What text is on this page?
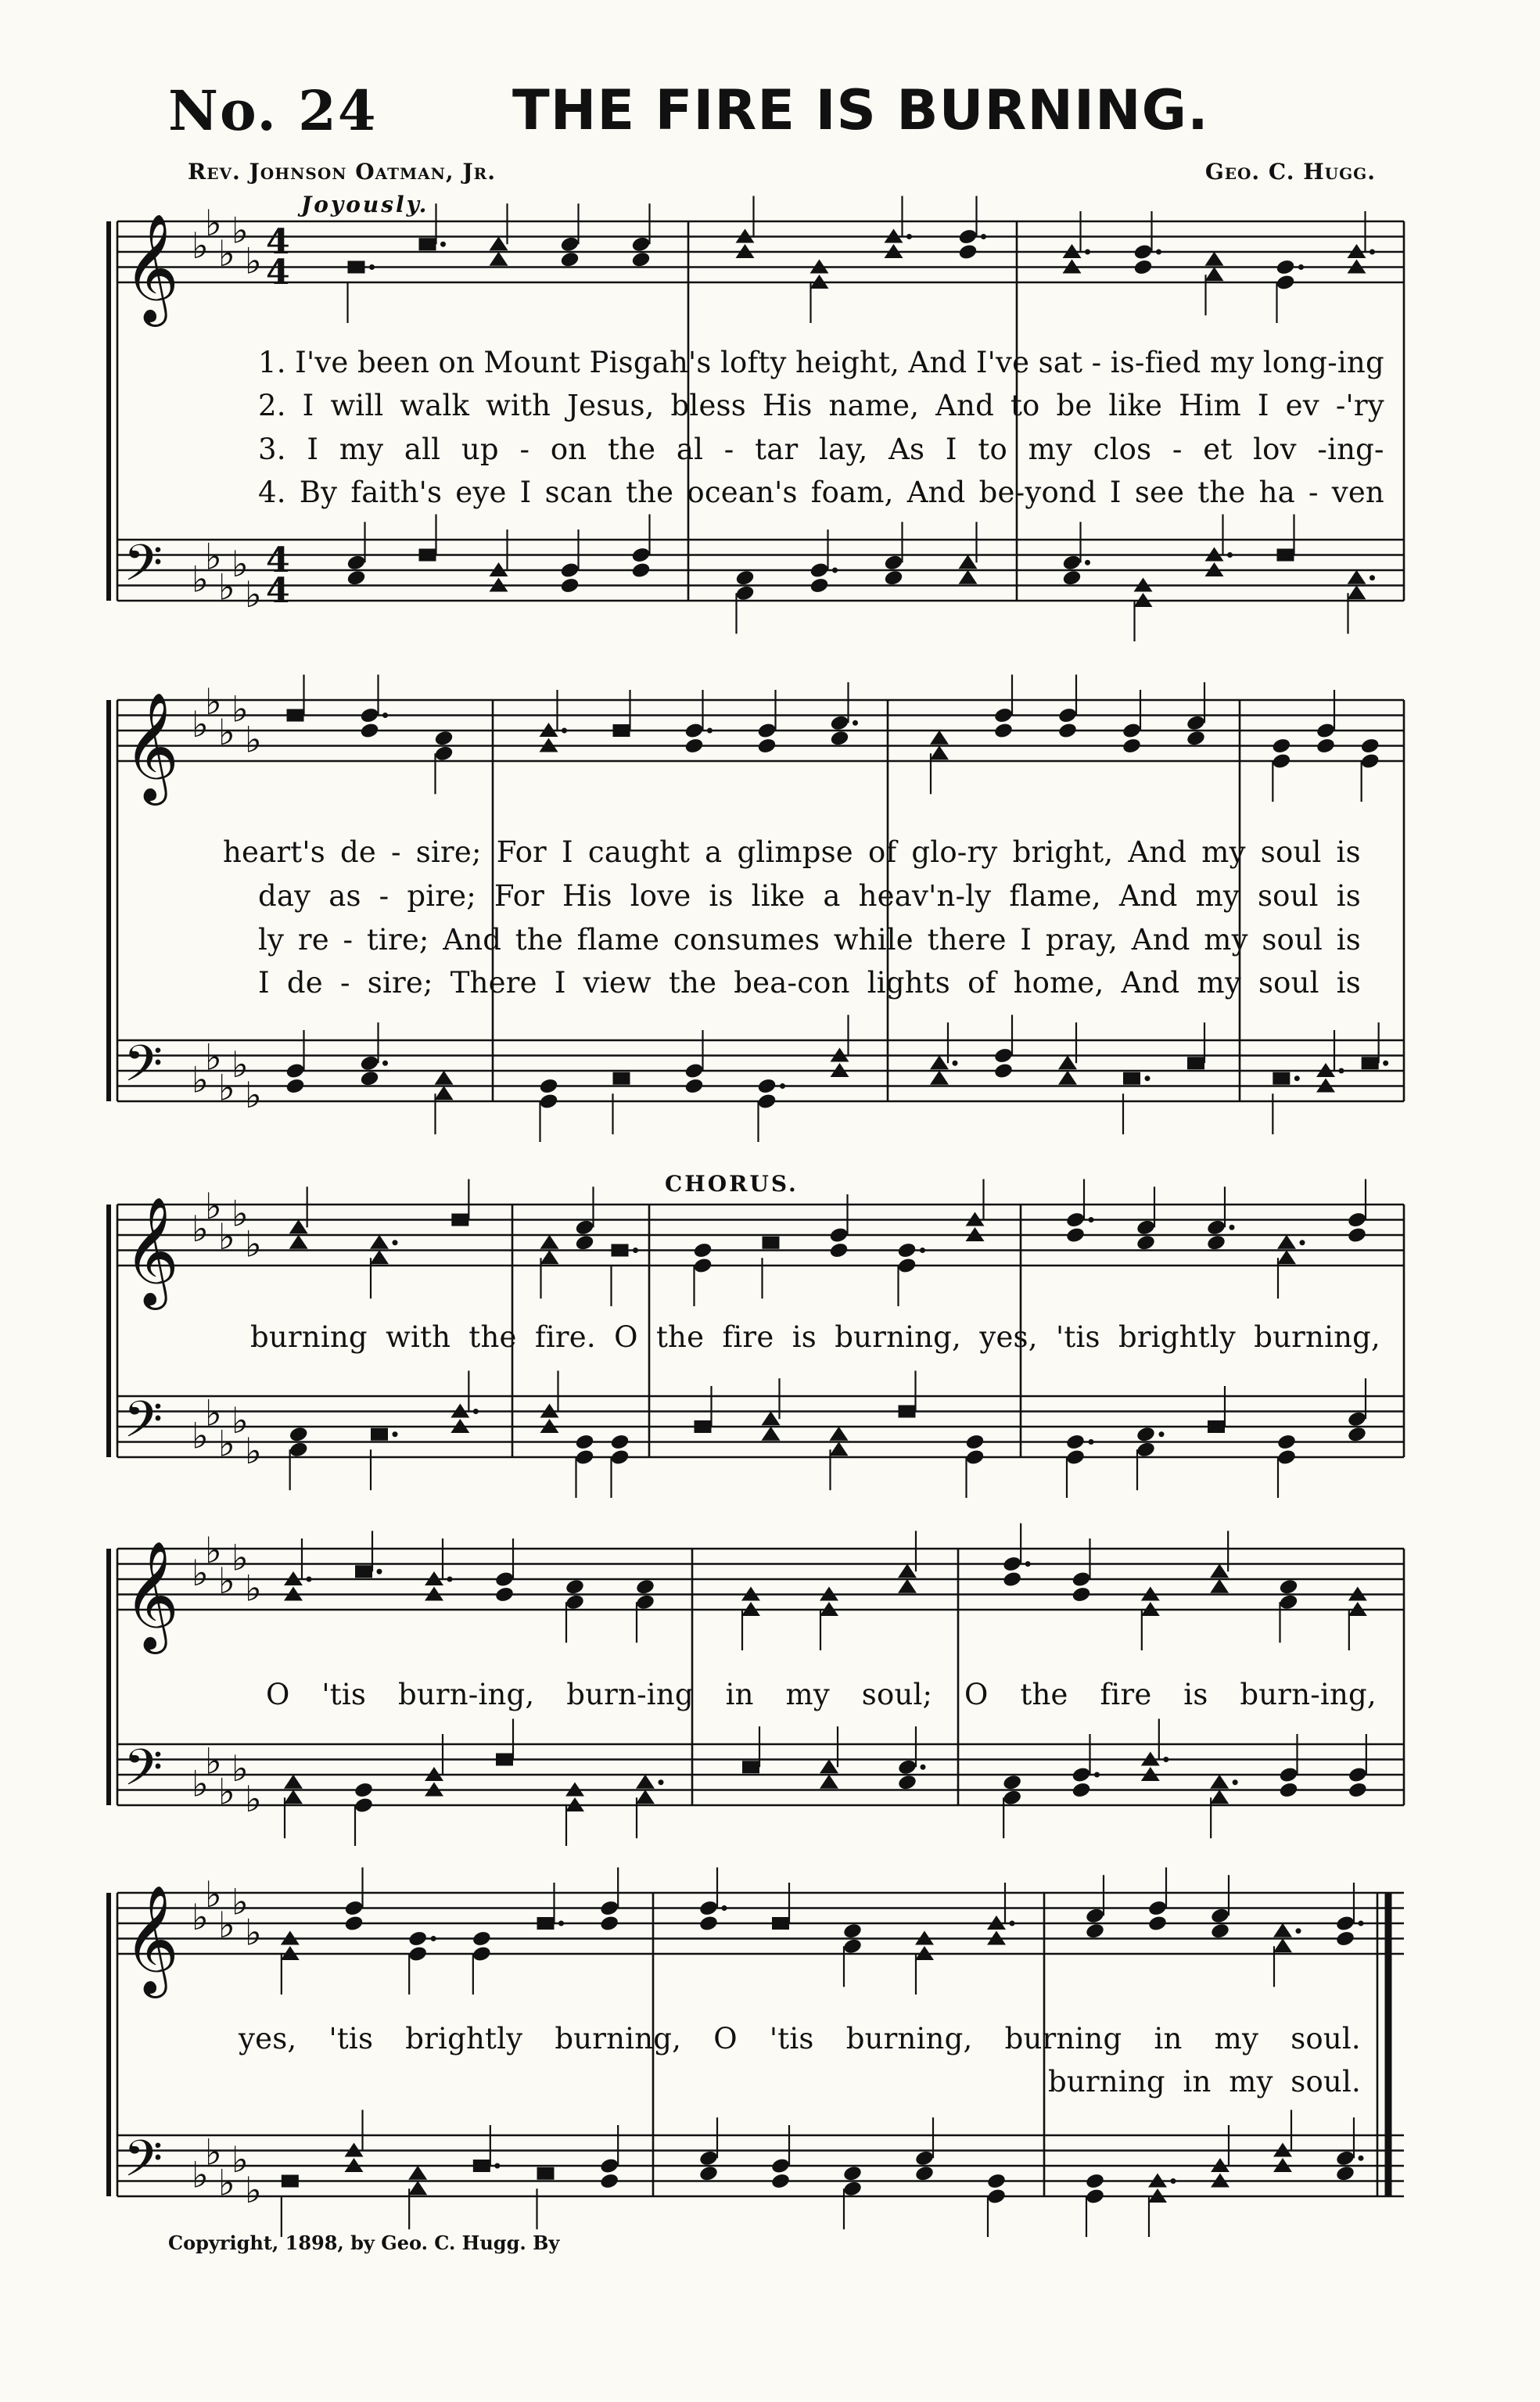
No. 24 THE FIRE IS BURNING.
Rev. Johnson Oatman, Jr.	Geo. C. Hugg.
Joyously.
CHORUS.
𝄞 ♭
♭
♭
♭
♭ 4
4
𝄢 ♭
♭
♭
♭
♭
4
4
𝄞 ♭
♭
♭
♭
♭
𝄢 ♭
♭
♭
♭
♭
𝄞 ♭
♭
♭
♭
♭
𝄢 ♭
♭
♭
♭
♭
𝄞 ♭
♭
♭
♭
♭
𝄢 ♭
♭
♭
♭
♭
𝄞 ♭
♭
♭
♭
♭
𝄢 ♭
♭
♭
♭
♭
Copyright, 1898, by Geo. C. Hugg. By
1. I've been on Mount Pisgah's lofty height, And I've sat - is-fied my long-ing
2. I will walk with Jesus, bless His name, And to be like Him I ev -'ry
3. I my all up - on the al - tar lay, As I to my clos - et lov -ing-
4. By faith's eye I scan the ocean's foam, And be-yond I see the ha - ven
heart's de - sire; For I caught a glimpse of glo-ry bright, And my soul is
day as - pire; For His love is like a heav'n-ly flame, And my soul is
ly re - tire; And the flame consumes while there I pray, And my soul is
I de - sire; There I view the bea-con lights of home, And my soul is
burning with the fire. O the fire is burning, yes, 'tis brightly burning,
O 'tis burn-ing, burn-ing in my soul; O the fire is burn-ing,
yes, 'tis brightly burning, O 'tis burning, burning in my soul.
burning in my soul.
